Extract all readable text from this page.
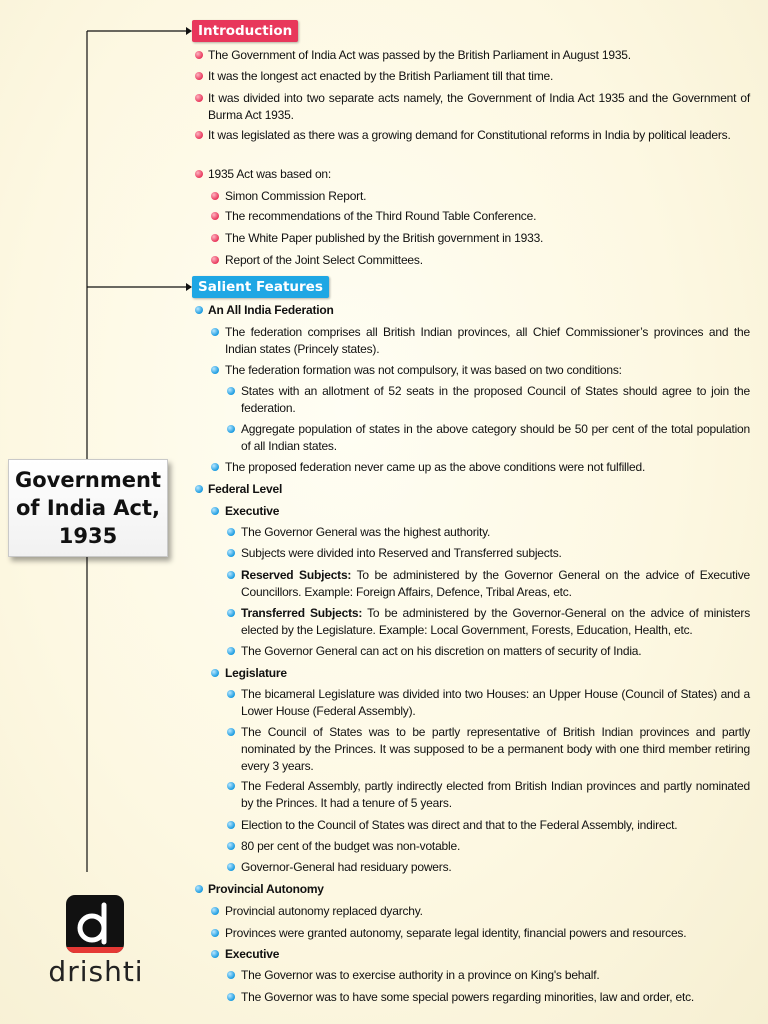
Government of India Act, 1935
Introduction
Salient Features
The Government of India Act was passed by the British Parliament in August 1935.
It was the longest act enacted by the British Parliament till that time.
It was divided into two separate acts namely, the Government of India Act 1935 and the Government of Burma Act 1935.
It was legislated as there was a growing demand for Constitutional reforms in India by political leaders.
1935 Act was based on:
Simon Commission Report.
The recommendations of the Third Round Table Conference.
The White Paper published by the British government in 1933.
Report of the Joint Select Committees.
An All India Federation
The federation comprises all British Indian provinces, all Chief Commissioner’s provinces and the Indian states (Princely states).
The federation formation was not compulsory, it was based on two conditions:
States with an allotment of 52 seats in the proposed Council of States should agree to join the federation.
Aggregate population of states in the above category should be 50 per cent of the total population of all Indian states.
The proposed federation never came up as the above conditions were not fulfilled.
Federal Level
Executive
The Governor General was the highest authority.
Subjects were divided into Reserved and Transferred subjects.
Reserved Subjects: To be administered by the Governor General on the advice of Executive Councillors. Example: Foreign Affairs, Defence, Tribal Areas, etc.
Transferred Subjects: To be administered by the Governor-General on the advice of ministers elected by the Legislature. Example: Local Government, Forests, Education, Health, etc.
The Governor General can act on his discretion on matters of security of India.
Legislature
The bicameral Legislature was divided into two Houses: an Upper House (Council of States) and a Lower House (Federal Assembly).
The Council of States was to be partly representative of British Indian provinces and partly nominated by the Princes. It was supposed to be a permanent body with one third member retiring every 3 years.
The Federal Assembly, partly indirectly elected from British Indian provinces and partly nominated by the Princes. It had a tenure of 5 years.
Election to the Council of States was direct and that to the Federal Assembly, indirect.
80 per cent of the budget was non-votable.
Governor-General had residuary powers.
Provincial Autonomy
Provincial autonomy replaced dyarchy.
Provinces were granted autonomy, separate legal identity, financial powers and resources.
Executive
The Governor was to exercise authority in a province on King's behalf.
The Governor was to have some special powers regarding minorities, law and order, etc.
drishti
